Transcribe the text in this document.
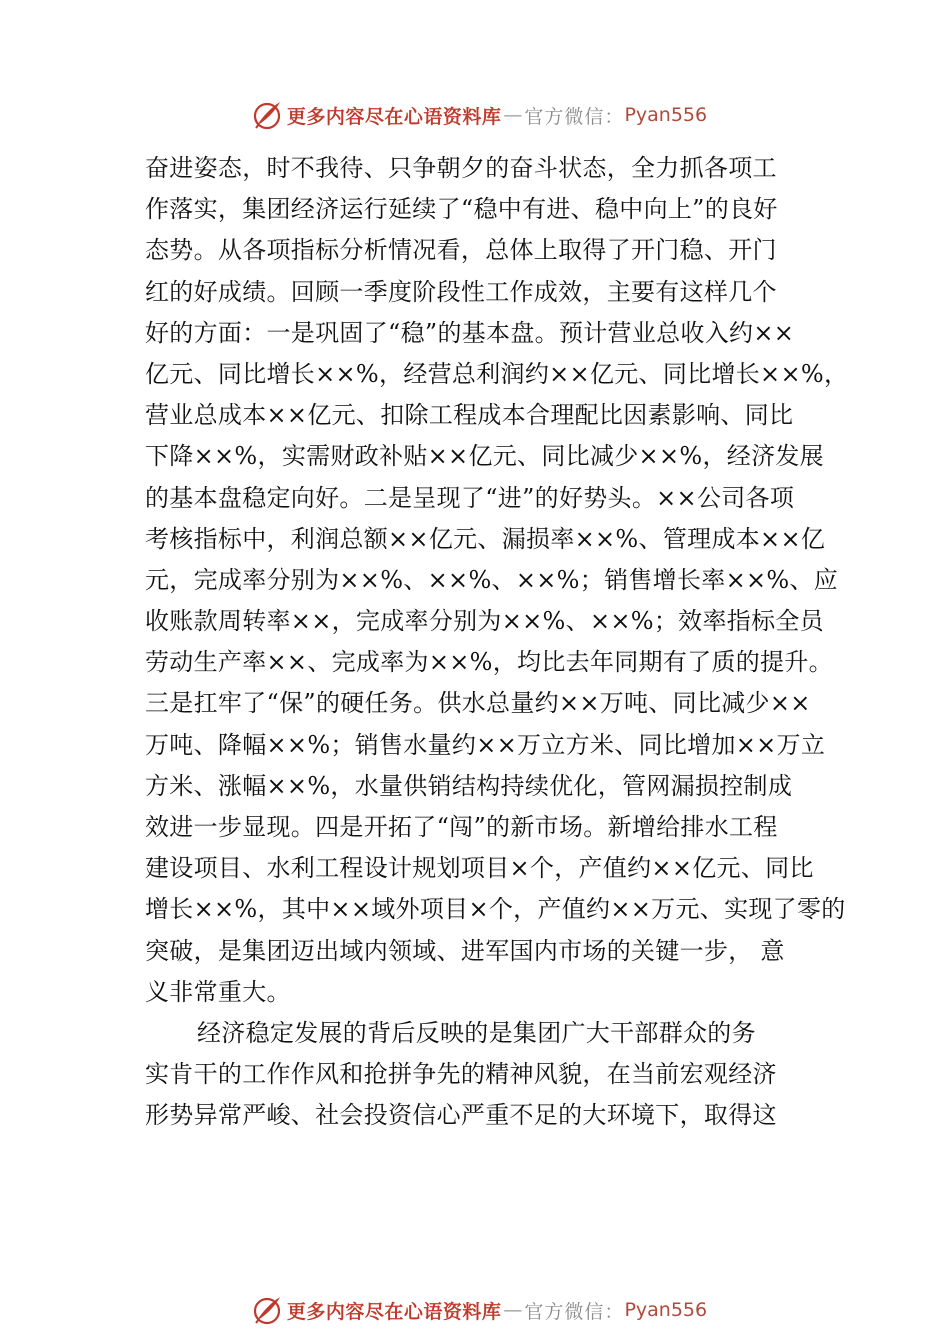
更多内容尽在心语资料库 — 官方微信： Pyan556
奋进姿态，时不我待、只争朝夕的奋斗状态，全力抓各项工
作落实，集团经济运行延续了“稳中有进、稳中向上”的良好
态势。从各项指标分析情况看，总体上取得了开门稳、开门
红的好成绩。回顾一季度阶段性工作成效，主要有这样几个
好的方面：一是巩固了“稳”的基本盘。预计营业总收入约××
亿元、同比增长××%，经营总利润约××亿元、同比增长××%，
营业总成本××亿元、扣除工程成本合理配比因素影响、同比
下降××%，实需财政补贴××亿元、同比减少××%，经济发展
的基本盘稳定向好。二是呈现了“进”的好势头。××公司各项
考核指标中，利润总额××亿元、漏损率××%、管理成本××亿
元，完成率分别为××%、××%、××%；销售增长率××%、应
收账款周转率××，完成率分别为××%、××%；效率指标全员
劳动生产率××、完成率为××%，均比去年同期有了质的提升。
三是扛牢了“保”的硬任务。供水总量约××万吨、同比减少××
万吨、降幅××%；销售水量约××万立方米、同比增加××万立
方米、涨幅××%，水量供销结构持续优化，管网漏损控制成
效进一步显现。四是开拓了“闯”的新市场。新增给排水工程
建设项目、水利工程设计规划项目×个，产值约××亿元、同比
增长××%，其中××域外项目×个，产值约××万元、实现了零的
突破，是集团迈出域内领域、进军国内市场的关键一步， 意
义非常重大。
经济稳定发展的背后反映的是集团广大干部群众的务
实肯干的工作作风和抢拼争先的精神风貌，在当前宏观经济
形势异常严峻、社会投资信心严重不足的大环境下，取得这
更多内容尽在心语资料库 — 官方微信： Pyan556
